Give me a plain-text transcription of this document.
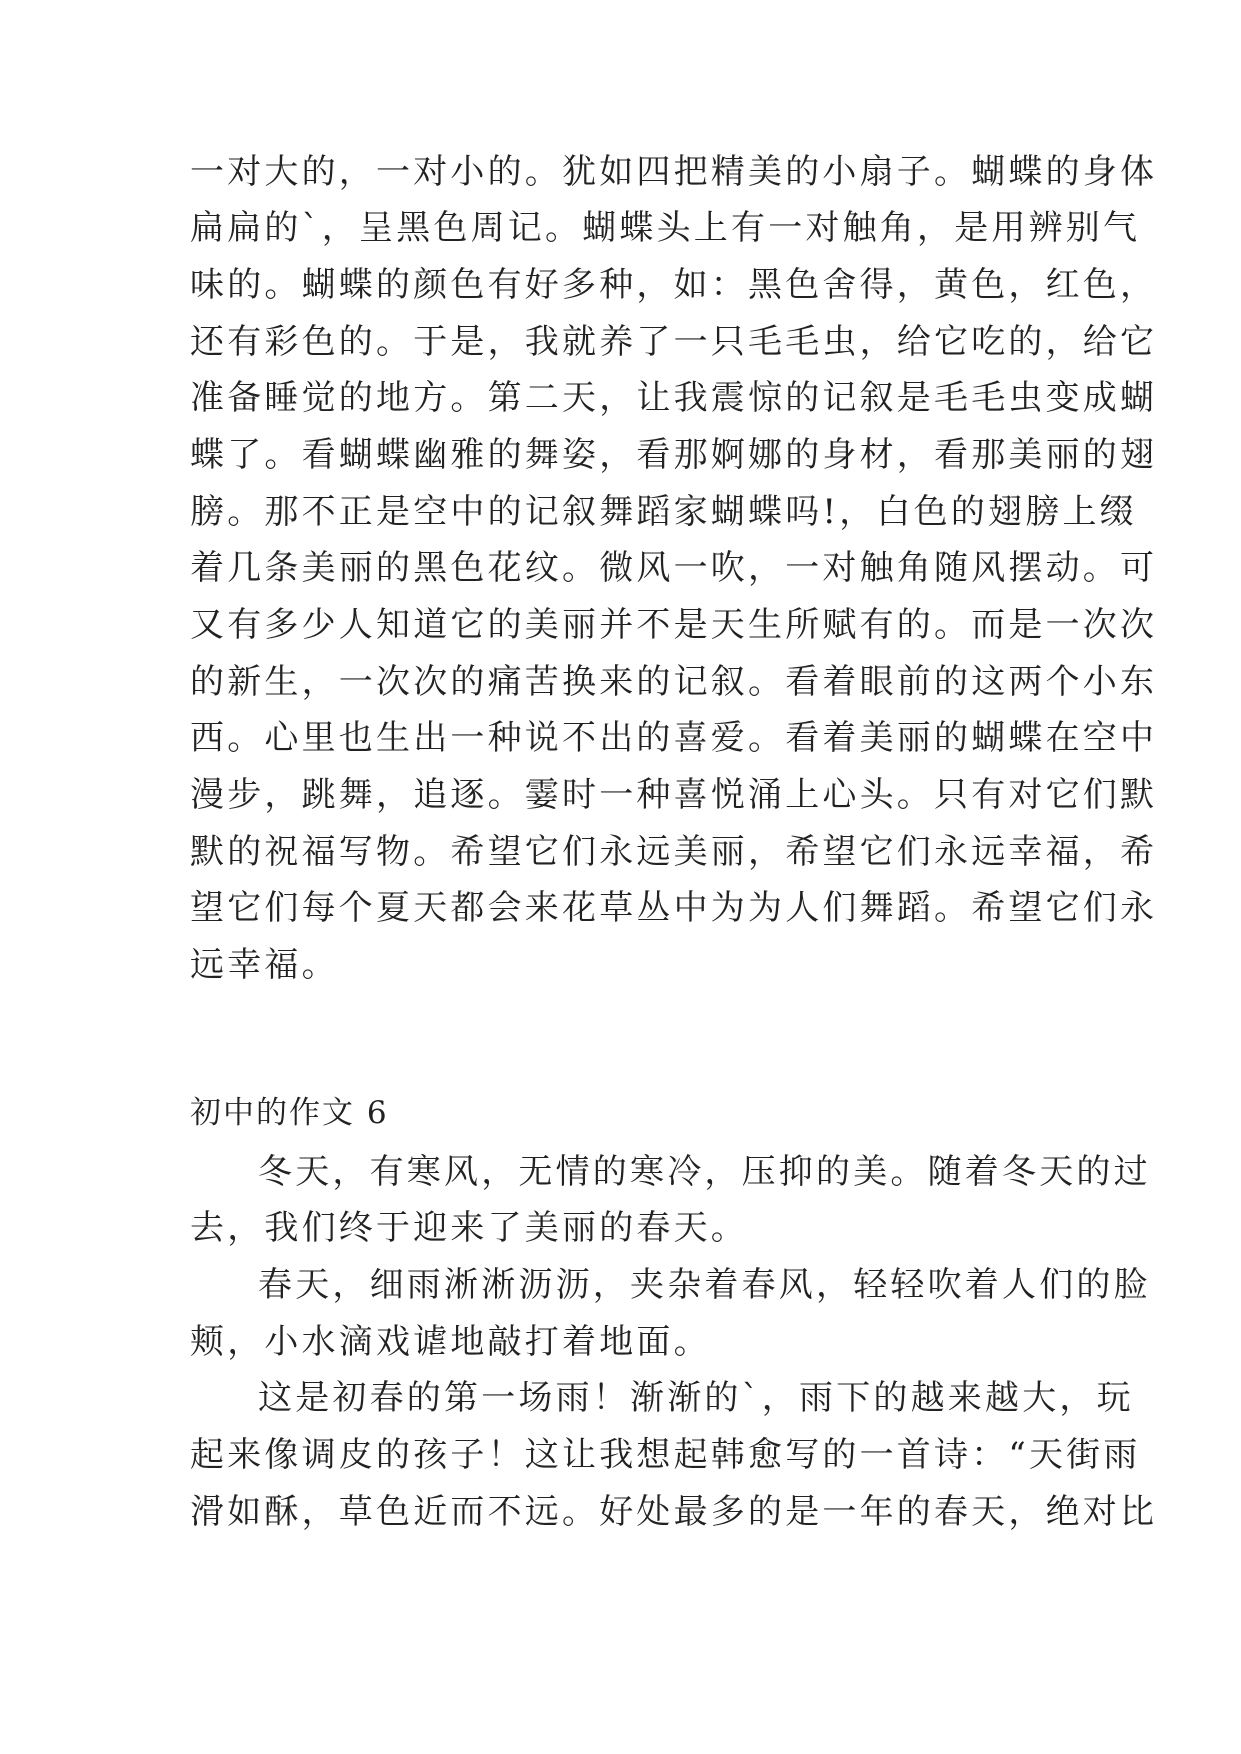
一对大的，一对小的。犹如四把精美的小扇子。蝴蝶的身体
扁扁的`，呈黑色周记。蝴蝶头上有一对触角，是用辨别气
味的。蝴蝶的颜色有好多种，如：黑色舍得，黄色，红色，
还有彩色的。于是，我就养了一只毛毛虫，给它吃的，给它
准备睡觉的地方。第二天，让我震惊的记叙是毛毛虫变成蝴
蝶了。看蝴蝶幽雅的舞姿，看那婀娜的身材，看那美丽的翅
膀。那不正是空中的记叙舞蹈家蝴蝶吗!，白色的翅膀上缀
着几条美丽的黑色花纹。微风一吹，一对触角随风摆动。可
又有多少人知道它的美丽并不是天生所赋有的。而是一次次
的新生，一次次的痛苦换来的记叙。看着眼前的这两个小东
西。心里也生出一种说不出的喜爱。看着美丽的蝴蝶在空中
漫步，跳舞，追逐。霎时一种喜悦涌上心头。只有对它们默
默的祝福写物。希望它们永远美丽，希望它们永远幸福，希
望它们每个夏天都会来花草丛中为为人们舞蹈。希望它们永
远幸福。
初中的作文 6
冬天，有寒风，无情的寒冷，压抑的美。随着冬天的过
去，我们终于迎来了美丽的春天。
春天，细雨淅淅沥沥，夹杂着春风，轻轻吹着人们的脸
颊，小水滴戏谑地敲打着地面。
这是初春的第一场雨！渐渐的`，雨下的越来越大，玩
起来像调皮的孩子！这让我想起韩愈写的一首诗：“天街雨
滑如酥，草色近而不远。好处最多的是一年的春天，绝对比
